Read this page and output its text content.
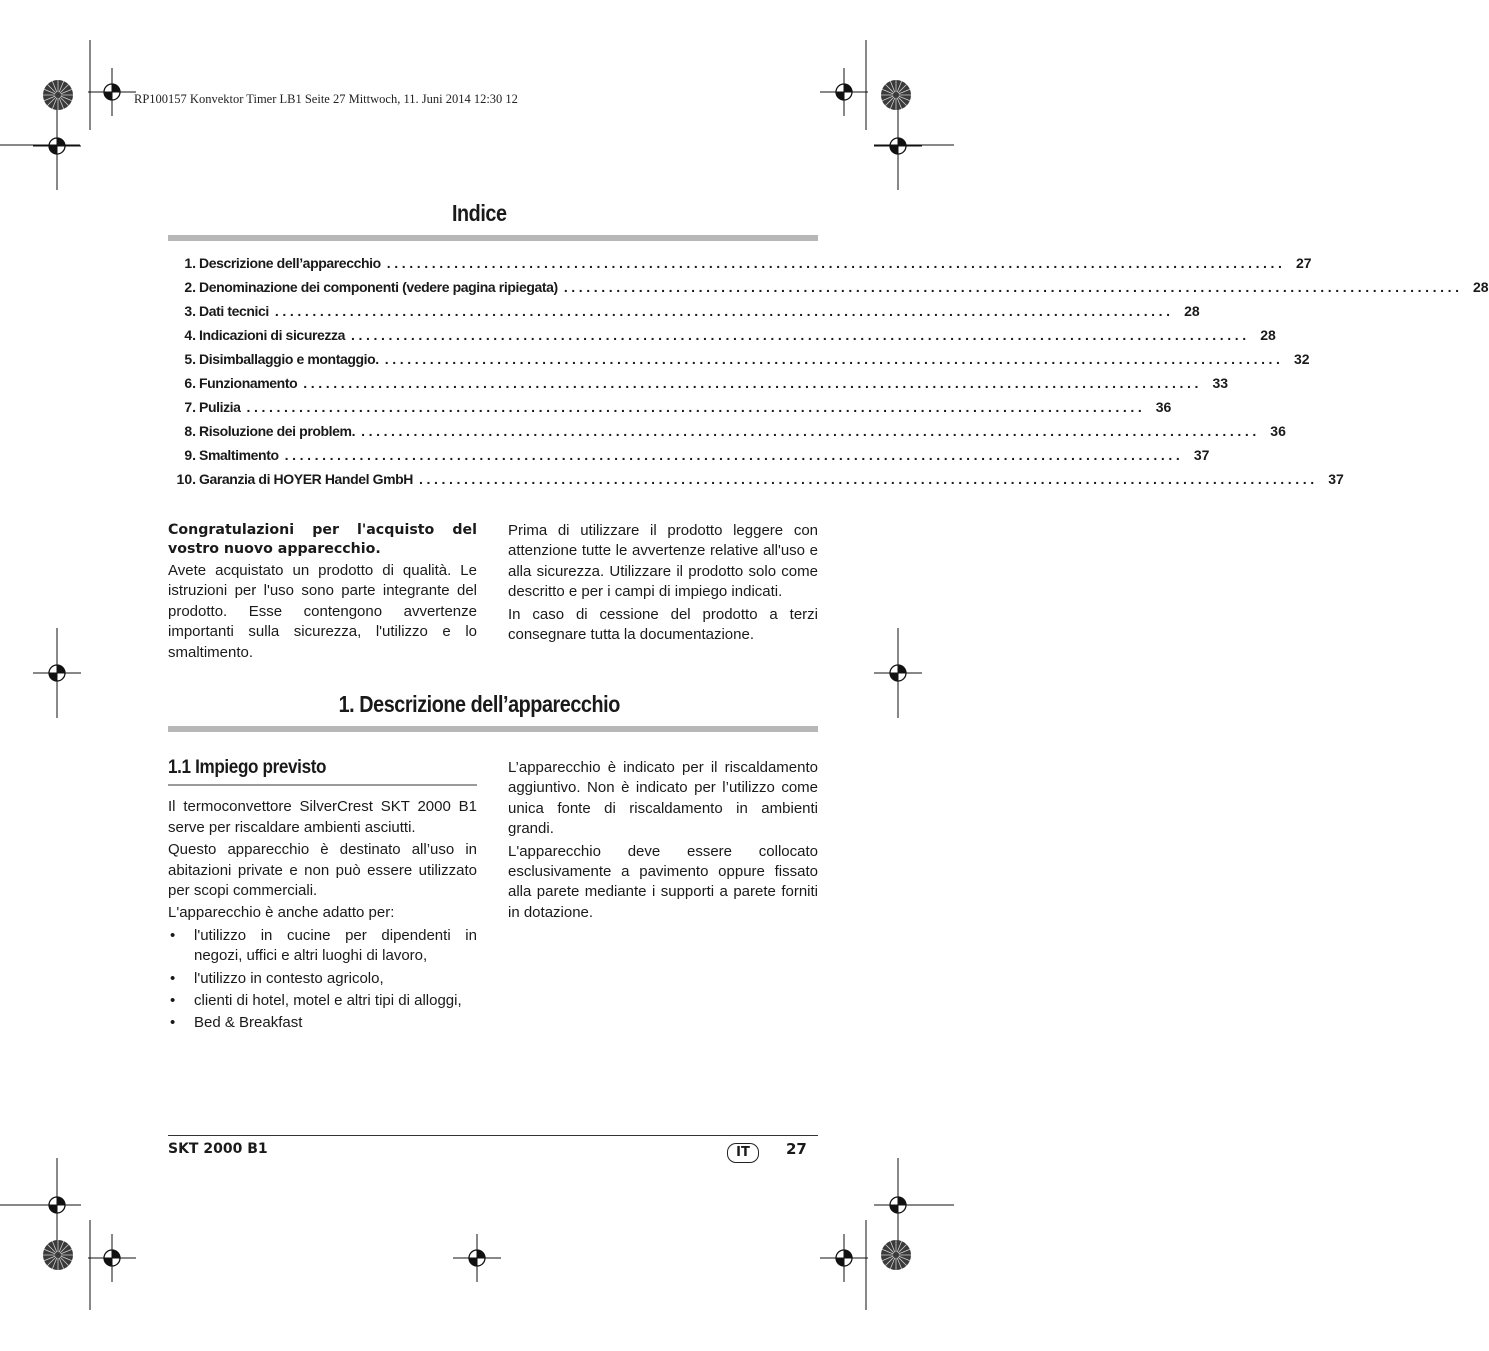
RP100157 Konvektor Timer LB1 Seite 27 Mittwoch, 11. Juni 2014 12:30 12
Indice
1. Descrizione dell’apparecchio ........................................................................................................................ 27
2. Denominazione dei componenti (vedere pagina ripiegata) ........................................................................................................................ 28
3. Dati tecnici ........................................................................................................................ 28
4. Indicazioni di sicurezza ........................................................................................................................ 28
5. Disimballaggio e montaggio. ........................................................................................................................ 32
6. Funzionamento ........................................................................................................................ 33
7. Pulizia ........................................................................................................................ 36
8. Risoluzione dei problem. ........................................................................................................................ 36
9. Smaltimento ........................................................................................................................ 37
10. Garanzia di HOYER Handel GmbH ........................................................................................................................ 37
Congratulazioni per l'acquisto del vostro nuovo apparecchio.

Avete acquistato un prodotto di qualità. Le istruzioni per l'uso sono parte integrante del prodotto. Esse contengono avvertenze importanti sulla sicurezza, l'utilizzo e lo smaltimento.

Prima di utilizzare il prodotto leggere con attenzione tutte le avvertenze relative all'uso e alla sicurezza. Utilizzare il prodotto solo come descritto e per i campi di impiego indicati.

In caso di cessione del prodotto a terzi consegnare tutta la documentazione.

1. Descrizione dell’apparecchio
1.1 Impiego previsto

Il termoconvettore SilverCrest SKT 2000 B1 serve per riscaldare ambienti asciutti.

Questo apparecchio è destinato all’uso in abitazioni private e non può essere utilizzato per scopi commerciali.

L'apparecchio è anche adatto per:

• l'utilizzo in cucine per dipendenti in negozi, uffici e altri luoghi di lavoro,
• l'utilizzo in contesto agricolo,
• clienti di hotel, motel e altri tipi di alloggi,
• Bed & Breakfast

L’apparecchio è indicato per il riscaldamento aggiuntivo. Non è indicato per l’utilizzo come unica fonte di riscaldamento in ambienti grandi.

L'apparecchio deve essere collocato esclusivamente a pavimento oppure fissato alla parete mediante i supporti a parete forniti in dotazione.

SKT 2000 B1	IT	27
